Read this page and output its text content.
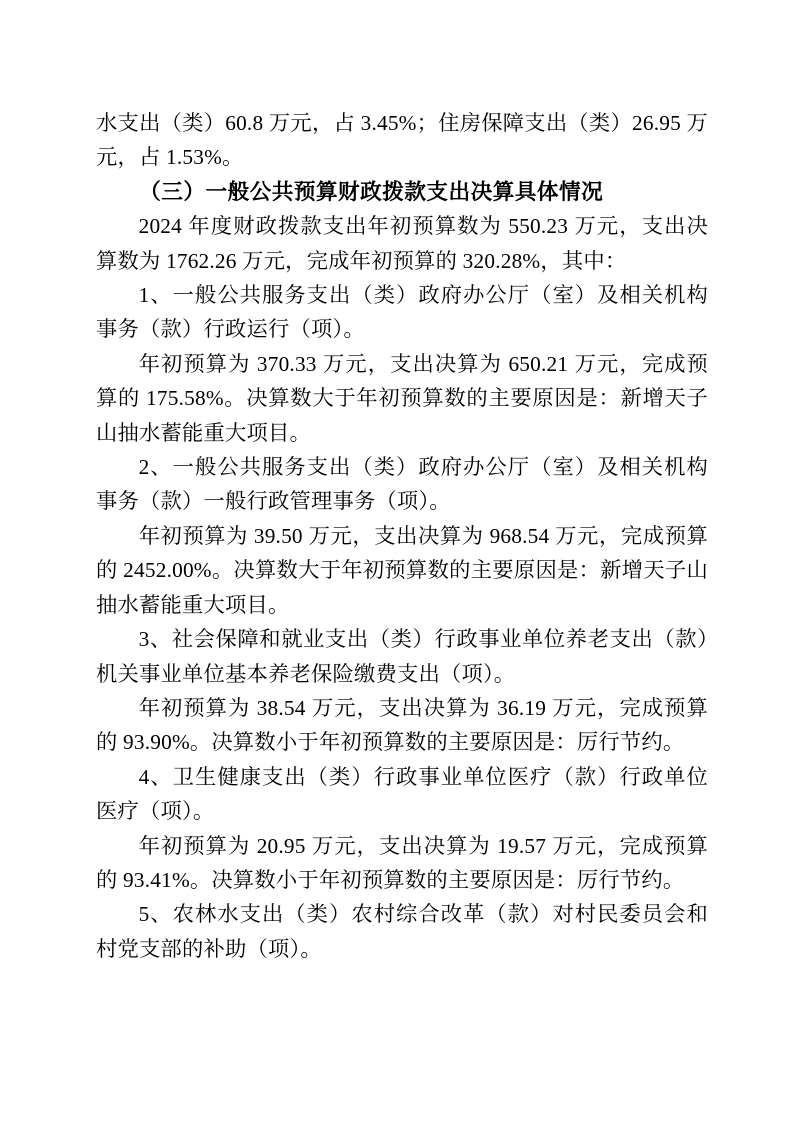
水支出（类）60.8 万元，占 3.45%；住房保障支出（类）26.95 万元，占 1.53%。

（三）一般公共预算财政拨款支出决算具体情况

2024 年度财政拨款支出年初预算数为 550.23 万元，支出决算数为 1762.26 万元，完成年初预算的 320.28%，其中：

1、一般公共服务支出（类）政府办公厅（室）及相关机构事务（款）行政运行（项）。

年初预算为 370.33 万元，支出决算为 650.21 万元，完成预算的 175.58%。决算数大于年初预算数的主要原因是：新增天子山抽水蓄能重大项目。

2、一般公共服务支出（类）政府办公厅（室）及相关机构事务（款）一般行政管理事务（项）。

年初预算为 39.50 万元，支出决算为 968.54 万元，完成预算的 2452.00%。决算数大于年初预算数的主要原因是：新增天子山抽水蓄能重大项目。

3、社会保障和就业支出（类）行政事业单位养老支出（款）机关事业单位基本养老保险缴费支出（项）。

年初预算为 38.54 万元，支出决算为 36.19 万元，完成预算的 93.90%。决算数小于年初预算数的主要原因是：厉行节约。

4、卫生健康支出（类）行政事业单位医疗（款）行政单位医疗（项）。

年初预算为 20.95 万元，支出决算为 19.57 万元，完成预算的 93.41%。决算数小于年初预算数的主要原因是：厉行节约。

5、农林水支出（类）农村综合改革（款）对村民委员会和村党支部的补助（项）。
